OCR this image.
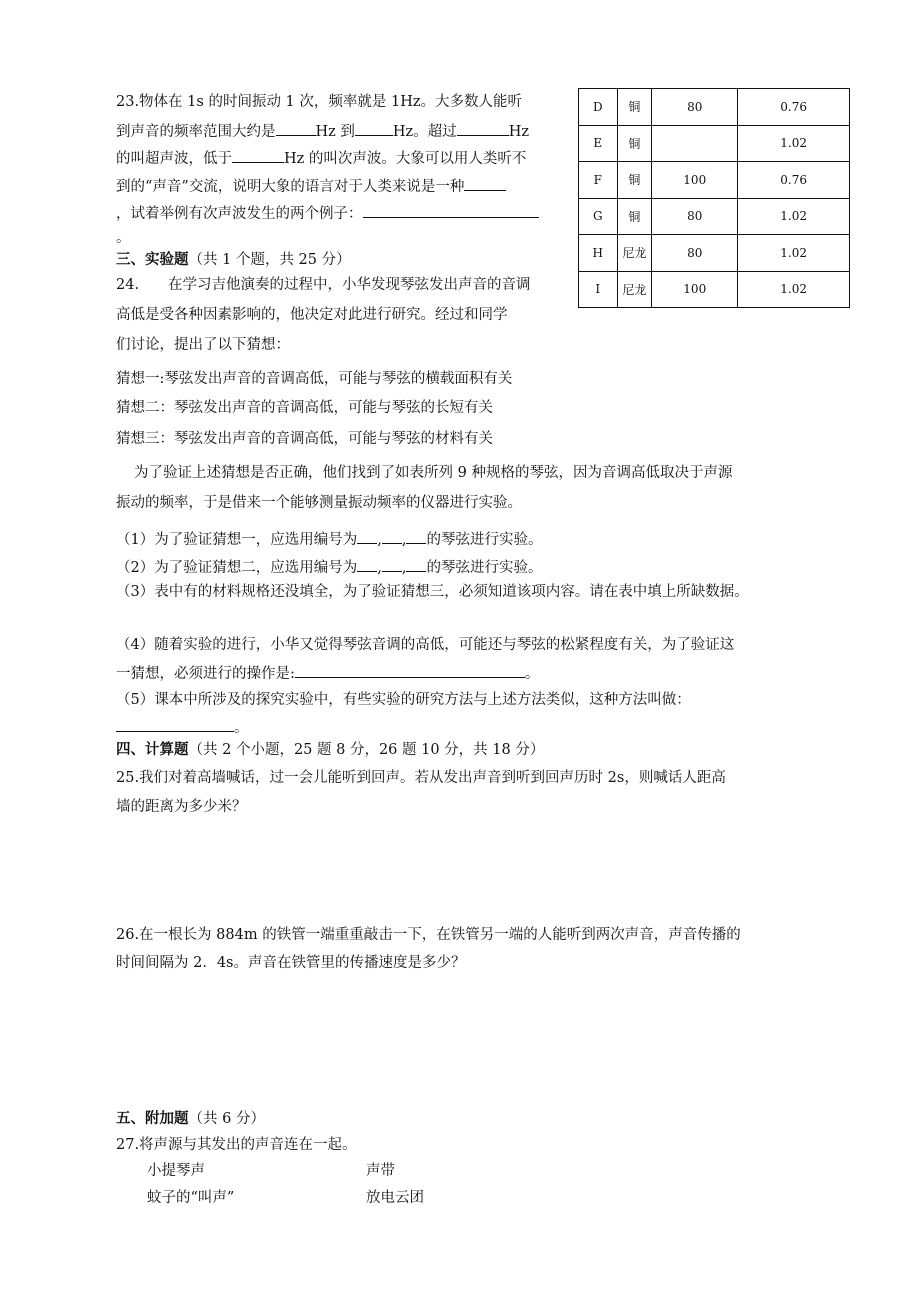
23.物体在 1s 的时间振动 1 次，频率就是 1Hz。大多数人能听
到声音的频率范围大约是	Hz 到	Hz。超过	Hz
的叫超声波，低于	Hz 的叫次声波。大象可以用人类听不
到的“声音”交流，说明大象的语言对于人类来说是一种
，试着举例有次声波发生的两个例子：
。
三、实验题（共 1 个题，共 25 分）
24.　　在学习吉他演奏的过程中，小华发现琴弦发出声音的音调
高低是受各种因素影响的，他决定对此进行研究。经过和同学
们讨论，提出了以下猜想：
猜想一:琴弦发出声音的音调高低，可能与琴弦的横载面积有关
猜想二：琴弦发出声音的音调高低，可能与琴弦的长短有关
猜想三：琴弦发出声音的音调高低，可能与琴弦的材料有关
为了验证上述猜想是否正确，他们找到了如表所列 9 种规格的琴弦，因为音调高低取决于声源
振动的频率，于是借来一个能够测量振动频率的仪器进行实验。
（1）为了验证猜想一，应选用编号为 , , 的琴弦进行实验。
（2）为了验证猜想二，应选用编号为 , , 的琴弦进行实验。
（3）表中有的材料规格还没填全，为了验证猜想三，必须知道该项内容。请在表中填上所缺数据。
（4）随着实验的进行，小华又觉得琴弦音调的高低，可能还与琴弦的松紧程度有关，为了验证这
一猜想，必须进行的操作是:	。
（5）课本中所涉及的探究实验中，有些实验的研究方法与上述方法类似，这种方法叫做：
。
四、计算题（共 2 个小题，25 题 8 分，26 题 10 分，共 18 分）
25.我们对着高墙喊话，过一会儿能听到回声。若从发出声音到听到回声历时 2s，则喊话人距高
墙的距离为多少米？
26.在一根长为 884m 的铁管一端重重敲击一下，在铁管另一端的人能听到两次声音，声音传播的
时间间隔为 2．4s。声音在铁管里的传播速度是多少？
五、附加题（共 6 分）
27.将声源与其发出的声音连在一起。
小提琴声	声带
蚊子的“叫声”	放电云团
D	铜	80	0.76
E	铜		1.02
F	铜	100	0.76
G	铜	80	1.02
H	尼龙	80	1.02
I	尼龙	100	1.02
